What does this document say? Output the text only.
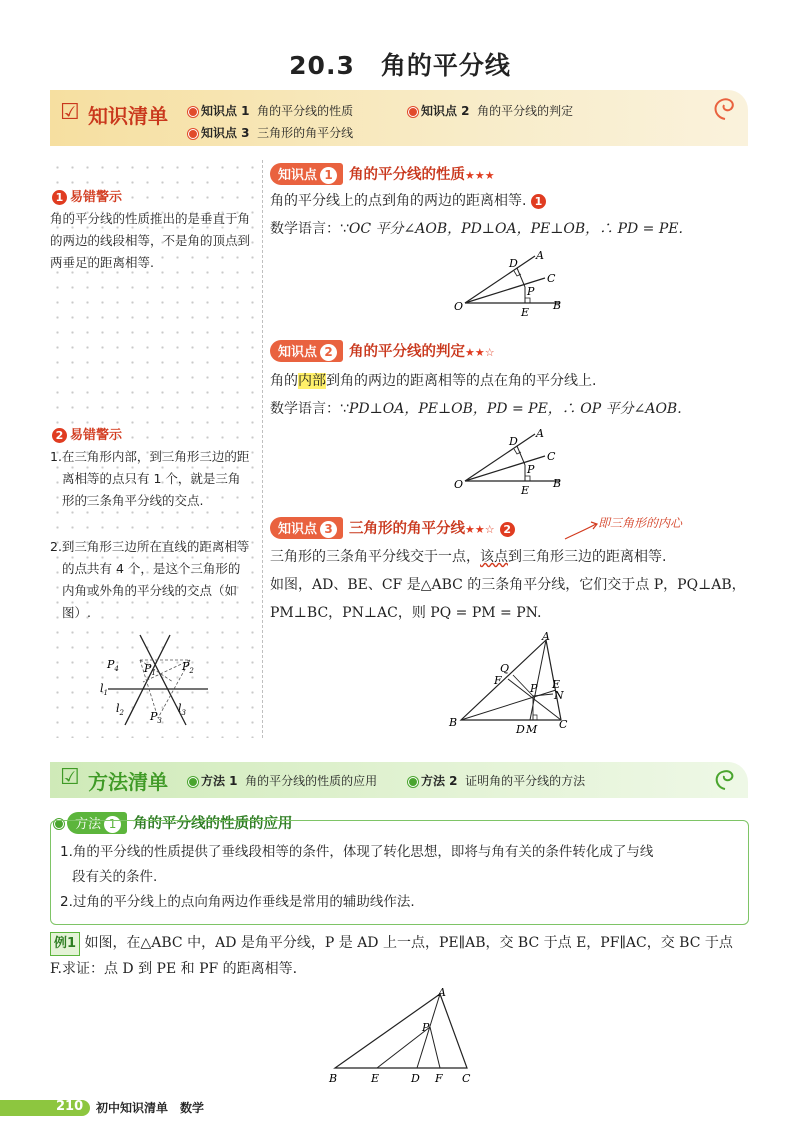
20.3　角的平分线
☑ 知识清单	知识点 1 角的平分线的性质	知识点 2 角的平分线的判定
知识点 3 三角形的角平分线
1 易错警示
角的平分线的性质推出的是垂直于角的两边的线段相等，不是角的顶点到两垂足的距离相等.
2 易错警示
1.在三角形内部，到三角形三边的距离相等的点只有 1 个，就是三角形的三条角平分线的交点.
2.到三角形三边所在直线的距离相等的点共有 4 个，是这个三角形的内角或外角的平分线的交点（如图）.
$P_4$ $P_1$ $P_2$
$P_3$
$l_1$
$l_2$	$l_3$
知识点 1 角的平分线的性质★★★
角的平分线上的点到角的两边的距离相等. 1
数学语言：∵OC 平分∠AOB，PD⊥OA，PE⊥OB，∴ PD = PE.
A
C
D
P
O	E
B
知识点 2 角的平分线的判定★★☆
角的内部到角的两边的距离相等的点在角的平分线上.
数学语言：∵PD⊥OA，PE⊥OB，PD = PE，∴ OP 平分∠AOB.
A
C
D
P
O	E
B
知识点 3 三角形的角平分线★★☆ 2	即三角形的内心
三角形的三条角平分线交于一点，该点到三角形三边的距离相等.
如图，AD、BE、CF 是△ABC 的三条角平分线，它们交于点 P，PQ⊥AB，
PM⊥BC，PN⊥AC，则 PQ = PM = PN.
A
Q
F	E
N
P
B	C
D M
☑ 方法清单	方法 1 角的平分线的性质的应用	方法 2 证明角的平分线的方法
方法 1 角的平分线的性质的应用
1.角的平分线的性质提供了垂线段相等的条件，体现了转化思想，即将与角有关的条件转化成了与线
段有关的条件.
2.过角的平分线上的点向角两边作垂线是常用的辅助线作法.
例1 如图，在△ABC 中，AD 是角平分线，P 是 AD 上一点，PE∥AB，交 BC 于点 E，PF∥AC，交 BC 于点
F.求证：点 D 到 PE 和 PF 的距离相等.
A
P
B	E	D F C
210 初中知识清单　数学
